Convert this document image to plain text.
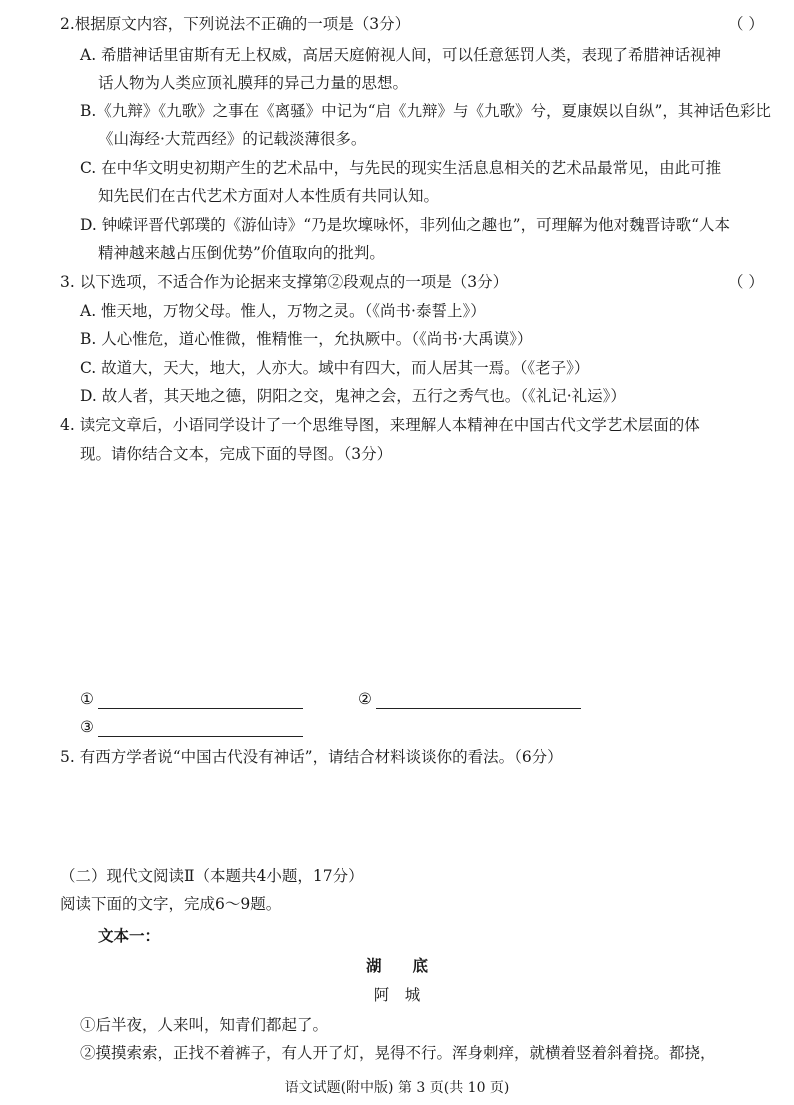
2.根据原文内容，下列说法不正确的一项是（3分）	（ ）
A. 希腊神话里宙斯有无上权威，高居天庭俯视人间，可以任意惩罚人类，表现了希腊神话视神
话人物为人类应顶礼膜拜的异己力量的思想。
B.《九辩》《九歌》之事在《离骚》中记为“启《九辩》与《九歌》兮，夏康娱以自纵”，其神话色彩比
《山海经·大荒西经》的记载淡薄很多。
C. 在中华文明史初期产生的艺术品中，与先民的现实生活息息相关的艺术品最常见，由此可推
知先民们在古代艺术方面对人本性质有共同认知。
D. 钟嵘评晋代郭璞的《游仙诗》“乃是坎壈咏怀，非列仙之趣也”，可理解为他对魏晋诗歌“人本
精神越来越占压倒优势”价值取向的批判。
3. 以下选项，不适合作为论据来支撑第②段观点的一项是（3分）	（ ）
A. 惟天地，万物父母。惟人，万物之灵。（《尚书·泰誓上》）
B. 人心惟危，道心惟微，惟精惟一，允执厥中。（《尚书·大禹谟》）
C. 故道大，天大，地大，人亦大。域中有四大，而人居其一焉。（《老子》）
D. 故人者，其天地之德，阴阳之交，鬼神之会，五行之秀气也。（《礼记·礼运》）
4. 读完文章后，小语同学设计了一个思维导图，来理解人本精神在中国古代文学艺术层面的体
现。请你结合文本，完成下面的导图。（3分）
①	②
③
5. 有西方学者说“中国古代没有神话”，请结合材料谈谈你的看法。（6分）
（二）现代文阅读Ⅱ（本题共4小题，17分）
阅读下面的文字，完成6～9题。
文本一：
湖　　底
阿　城
①后半夜，人来叫，知青们都起了。
②摸摸索索，正找不着裤子，有人开了灯，晃得不行。浑身刺痒，就横着竖着斜着挠。都挠，
语文试题(附中版) 第 3 页(共 10 页)
